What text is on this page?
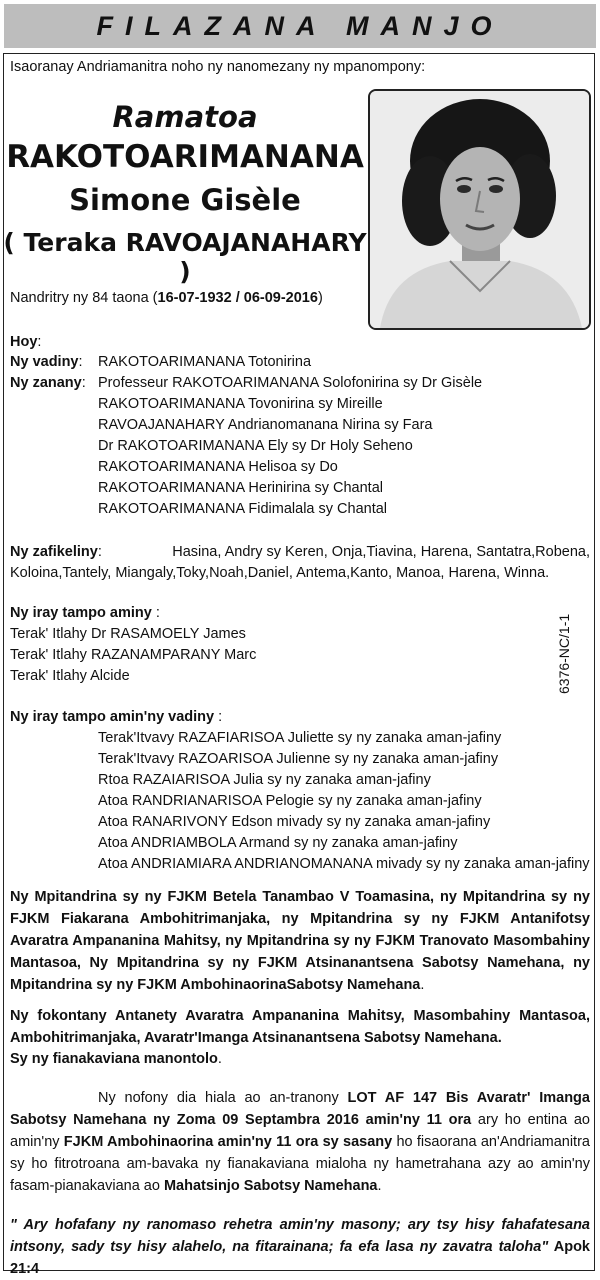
FILAZANA MANJO
Isaoranay Andriamanitra noho ny nanomezany ny mpanompony:
Ramatoa
RAKOTOARIMANANA
Simone Gisèle
( Teraka RAVOAJANAHARY )
Nandritry ny 84 taona (16-07-1932 / 06-09-2016)
Hoy:
Ny vadiny: RAKOTOARIMANANA Totonirina
Ny zanany: Professeur RAKOTOARIMANANA Solofonirina sy Dr Gisèle
RAKOTOARIMANANA Tovonirina sy Mireille
RAVOAJANAHARY Andrianomanana Nirina sy Fara
Dr RAKOTOARIMANANA Ely sy Dr Holy Seheno
RAKOTOARIMANANA Helisoa sy Do
RAKOTOARIMANANA Herinirina sy Chantal
RAKOTOARIMANANA Fidimalala sy Chantal
Ny zafikeliny:	Hasina, Andry sy Keren, Onja,Tiavina, Harena, Santatra,Robena,
Koloina,Tantely, Miangaly,Toky,Noah,Daniel, Antema,Kanto, Manoa, Harena, Winna.
Ny iray tampo aminy :
Terak' Itlahy Dr RASAMOELY James
Terak' Itlahy RAZANAMPARANY Marc
Terak' Itlahy Alcide
Ny iray tampo amin'ny vadiny :
Terak'Itvavy RAZAFIARISOA Juliette sy ny zanaka aman-jafiny
Terak'Itvavy RAZOARISOA Julienne sy ny zanaka aman-jafiny
Rtoa RAZAIARISOA Julia sy ny zanaka aman-jafiny
Atoa RANDRIANARISOA Pelogie sy ny zanaka aman-jafiny
Atoa RANARIVONY Edson mivady sy ny zanaka aman-jafiny
Atoa ANDRIAMBOLA Armand sy ny zanaka aman-jafiny
Atoa ANDRIAMIARA ANDRIANOMANANA mivady sy ny zanaka aman-jafiny
Ny Mpitandrina sy ny FJKM Betela Tanambao V Toamasina, ny Mpitandrina sy ny FJKM Fiakarana Ambohitrimanjaka, ny Mpitandrina sy ny FJKM Antanifotsy Avaratra Ampananina Mahitsy, ny Mpitandrina sy ny FJKM Tranovato Masombahiny Mantasoa, Ny Mpitandrina sy ny FJKM Atsinanantsena Sabotsy Namehana, ny Mpitandrina sy ny FJKM AmbohinaorinaSabotsy Namehana.
Ny fokontany Antanety Avaratra Ampananina Mahitsy, Masombahiny Mantasoa, Ambohitrimanjaka, Avaratr'Imanga Atsinanantsena Sabotsy Namehana.
Sy ny fianakaviana manontolo.
Ny nofony dia hiala ao an-tranony LOT AF 147 Bis Avaratr' Imanga Sabotsy Namehana ny Zoma 09 Septambra 2016 amin'ny 11 ora ary ho entina ao amin'ny FJKM Ambohinaorina amin'ny 11 ora sy sasany ho fisaorana an'Andriamanitra sy ho fitrotroana am-bavaka ny fianakaviana mialoha ny hametrahana azy ao amin'ny fasam-pianakaviana ao Mahatsinjo Sabotsy Namehana.
" Ary hofafany ny ranomaso rehetra amin'ny masony; ary tsy hisy fahafatesana intsony, sady tsy hisy alahelo, na fitarainana; fa efa lasa ny zavatra taloha" Apok 21:4
6376-NC/1-1
